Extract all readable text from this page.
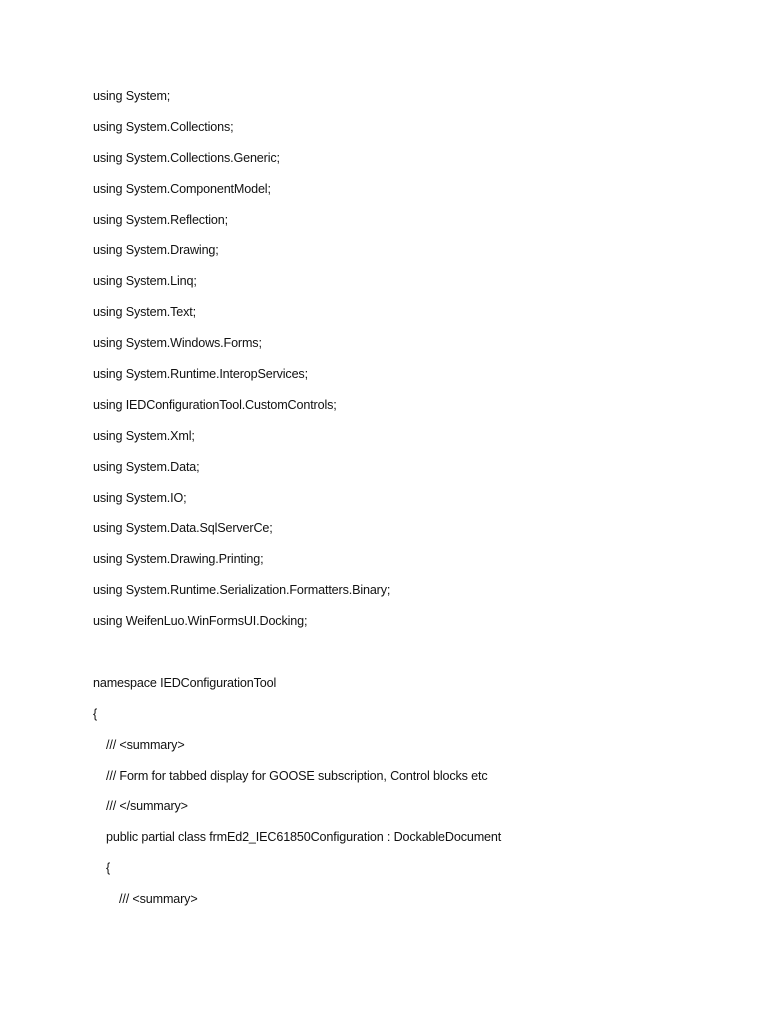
using System;
using System.Collections;
using System.Collections.Generic;
using System.ComponentModel;
using System.Reflection;
using System.Drawing;
using System.Linq;
using System.Text;
using System.Windows.Forms;
using System.Runtime.InteropServices;
using IEDConfigurationTool.CustomControls;
using System.Xml;
using System.Data;
using System.IO;
using System.Data.SqlServerCe;
using System.Drawing.Printing;
using System.Runtime.Serialization.Formatters.Binary;
using WeifenLuo.WinFormsUI.Docking;
namespace IEDConfigurationTool
{
/// <summary>
/// Form for tabbed display for GOOSE subscription, Control blocks etc
/// </summary>
public partial class frmEd2_IEC61850Configuration : DockableDocument
{
/// <summary>
